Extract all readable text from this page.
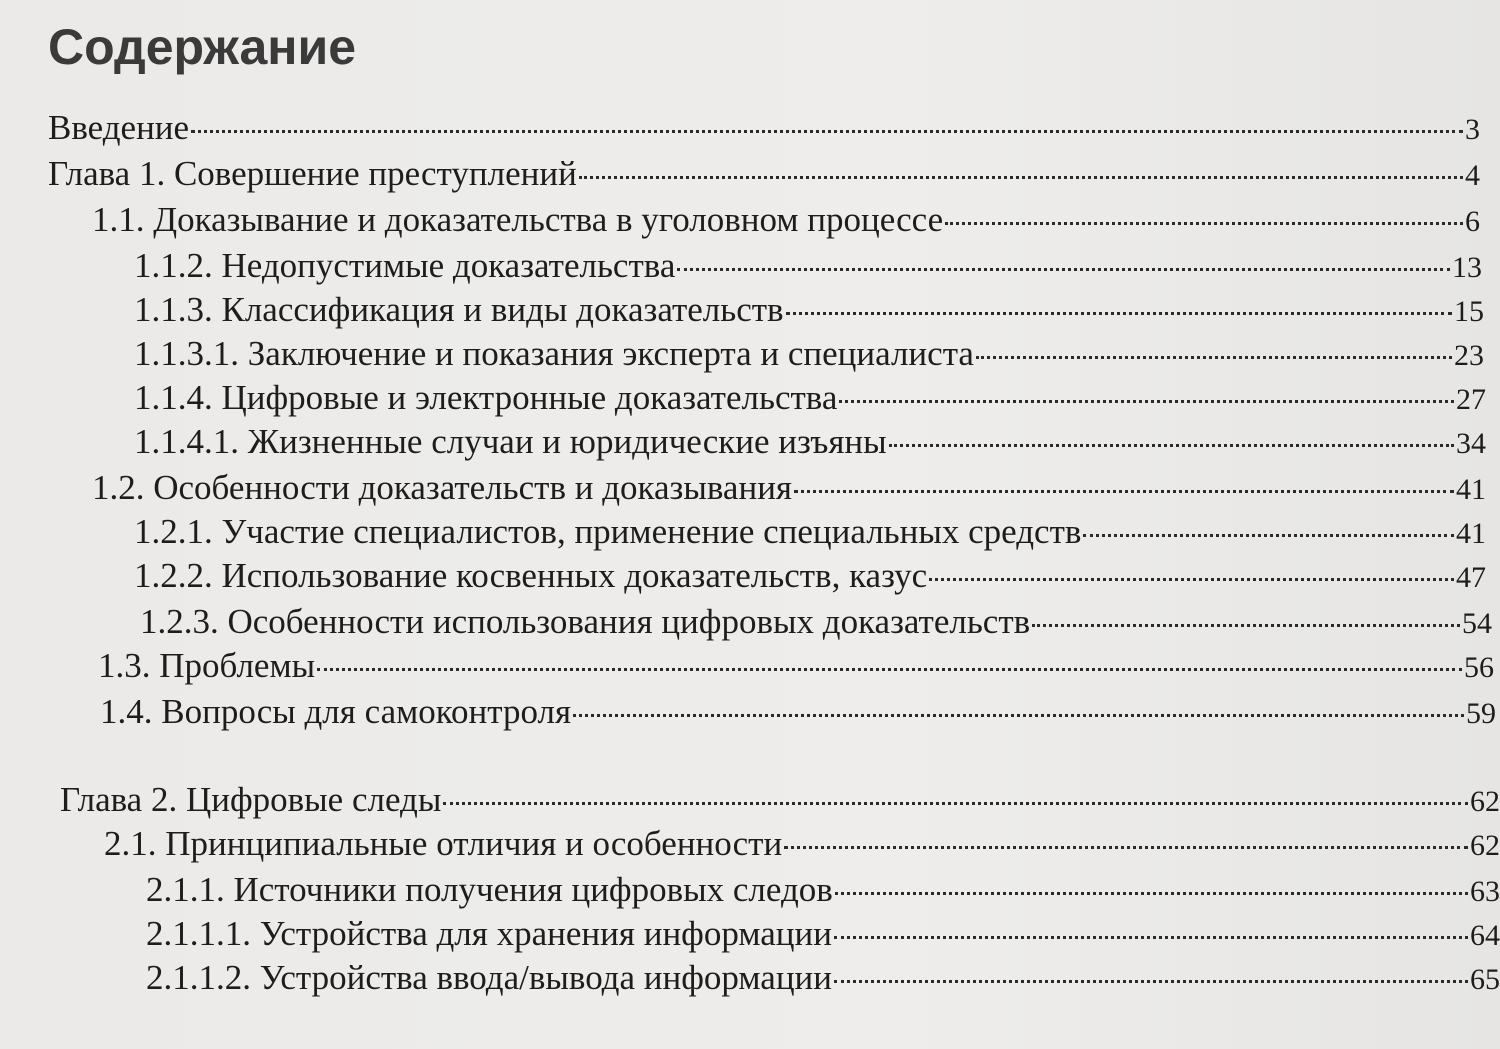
Содержание
Введение	3
Глава 1. Совершение преступлений	4
1.1. Доказывание и доказательства в уголовном процессе	6
1.1.2. Недопустимые доказательства	13
1.1.3. Классификация и виды доказательств	15
1.1.3.1. Заключение и показания эксперта и специалиста	23
1.1.4. Цифровые и электронные доказательства	27
1.1.4.1. Жизненные случаи и юридические изъяны	34
1.2. Особенности доказательств и доказывания	41
1.2.1. Участие специалистов, применение специальных средств	41
1.2.2. Использование косвенных доказательств, казус	47
1.2.3. Особенности использования цифровых доказательств	54
1.3. Проблемы	56
1.4. Вопросы для самоконтроля	59
Глава 2. Цифровые следы	62
2.1. Принципиальные отличия и особенности	62
2.1.1. Источники получения цифровых следов	63
2.1.1.1. Устройства для хранения информации	64
2.1.1.2. Устройства ввода/вывода информации	65
